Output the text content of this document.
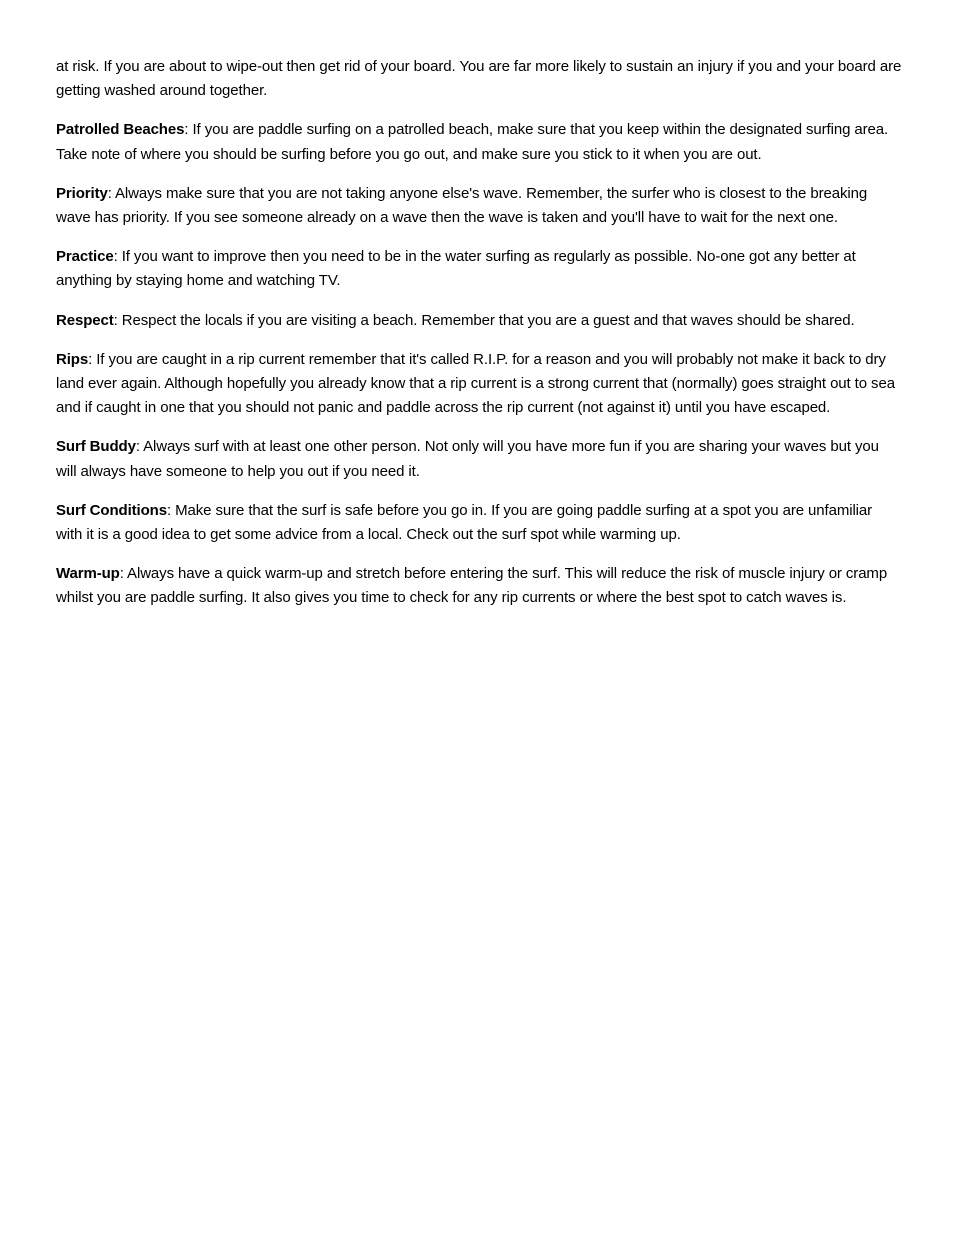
at risk. If you are about to wipe-out then get rid of your board. You are far more likely to sustain an injury if you and your board are getting washed around together.

Patrolled Beaches: If you are paddle surfing on a patrolled beach, make sure that you keep within the designated surfing area. Take note of where you should be surfing before you go out, and make sure you stick to it when you are out.

Priority: Always make sure that you are not taking anyone else's wave. Remember, the surfer who is closest to the breaking wave has priority. If you see someone already on a wave then the wave is taken and you'll have to wait for the next one.

Practice: If you want to improve then you need to be in the water surfing as regularly as possible. No-one got any better at anything by staying home and watching TV.

Respect: Respect the locals if you are visiting a beach. Remember that you are a guest and that waves should be shared.

Rips: If you are caught in a rip current remember that it's called R.I.P. for a reason and you will probably not make it back to dry land ever again. Although hopefully you already know that a rip current is a strong current that (normally) goes straight out to sea and if caught in one that you should not panic and paddle across the rip current (not against it) until you have escaped.

Surf Buddy: Always surf with at least one other person. Not only will you have more fun if you are sharing your waves but you will always have someone to help you out if you need it.

Surf Conditions: Make sure that the surf is safe before you go in. If you are going paddle surfing at a spot you are unfamiliar with it is a good idea to get some advice from a local. Check out the surf spot while warming up.

Warm-up: Always have a quick warm-up and stretch before entering the surf. This will reduce the risk of muscle injury or cramp whilst you are paddle surfing. It also gives you time to check for any rip currents or where the best spot to catch waves is.
